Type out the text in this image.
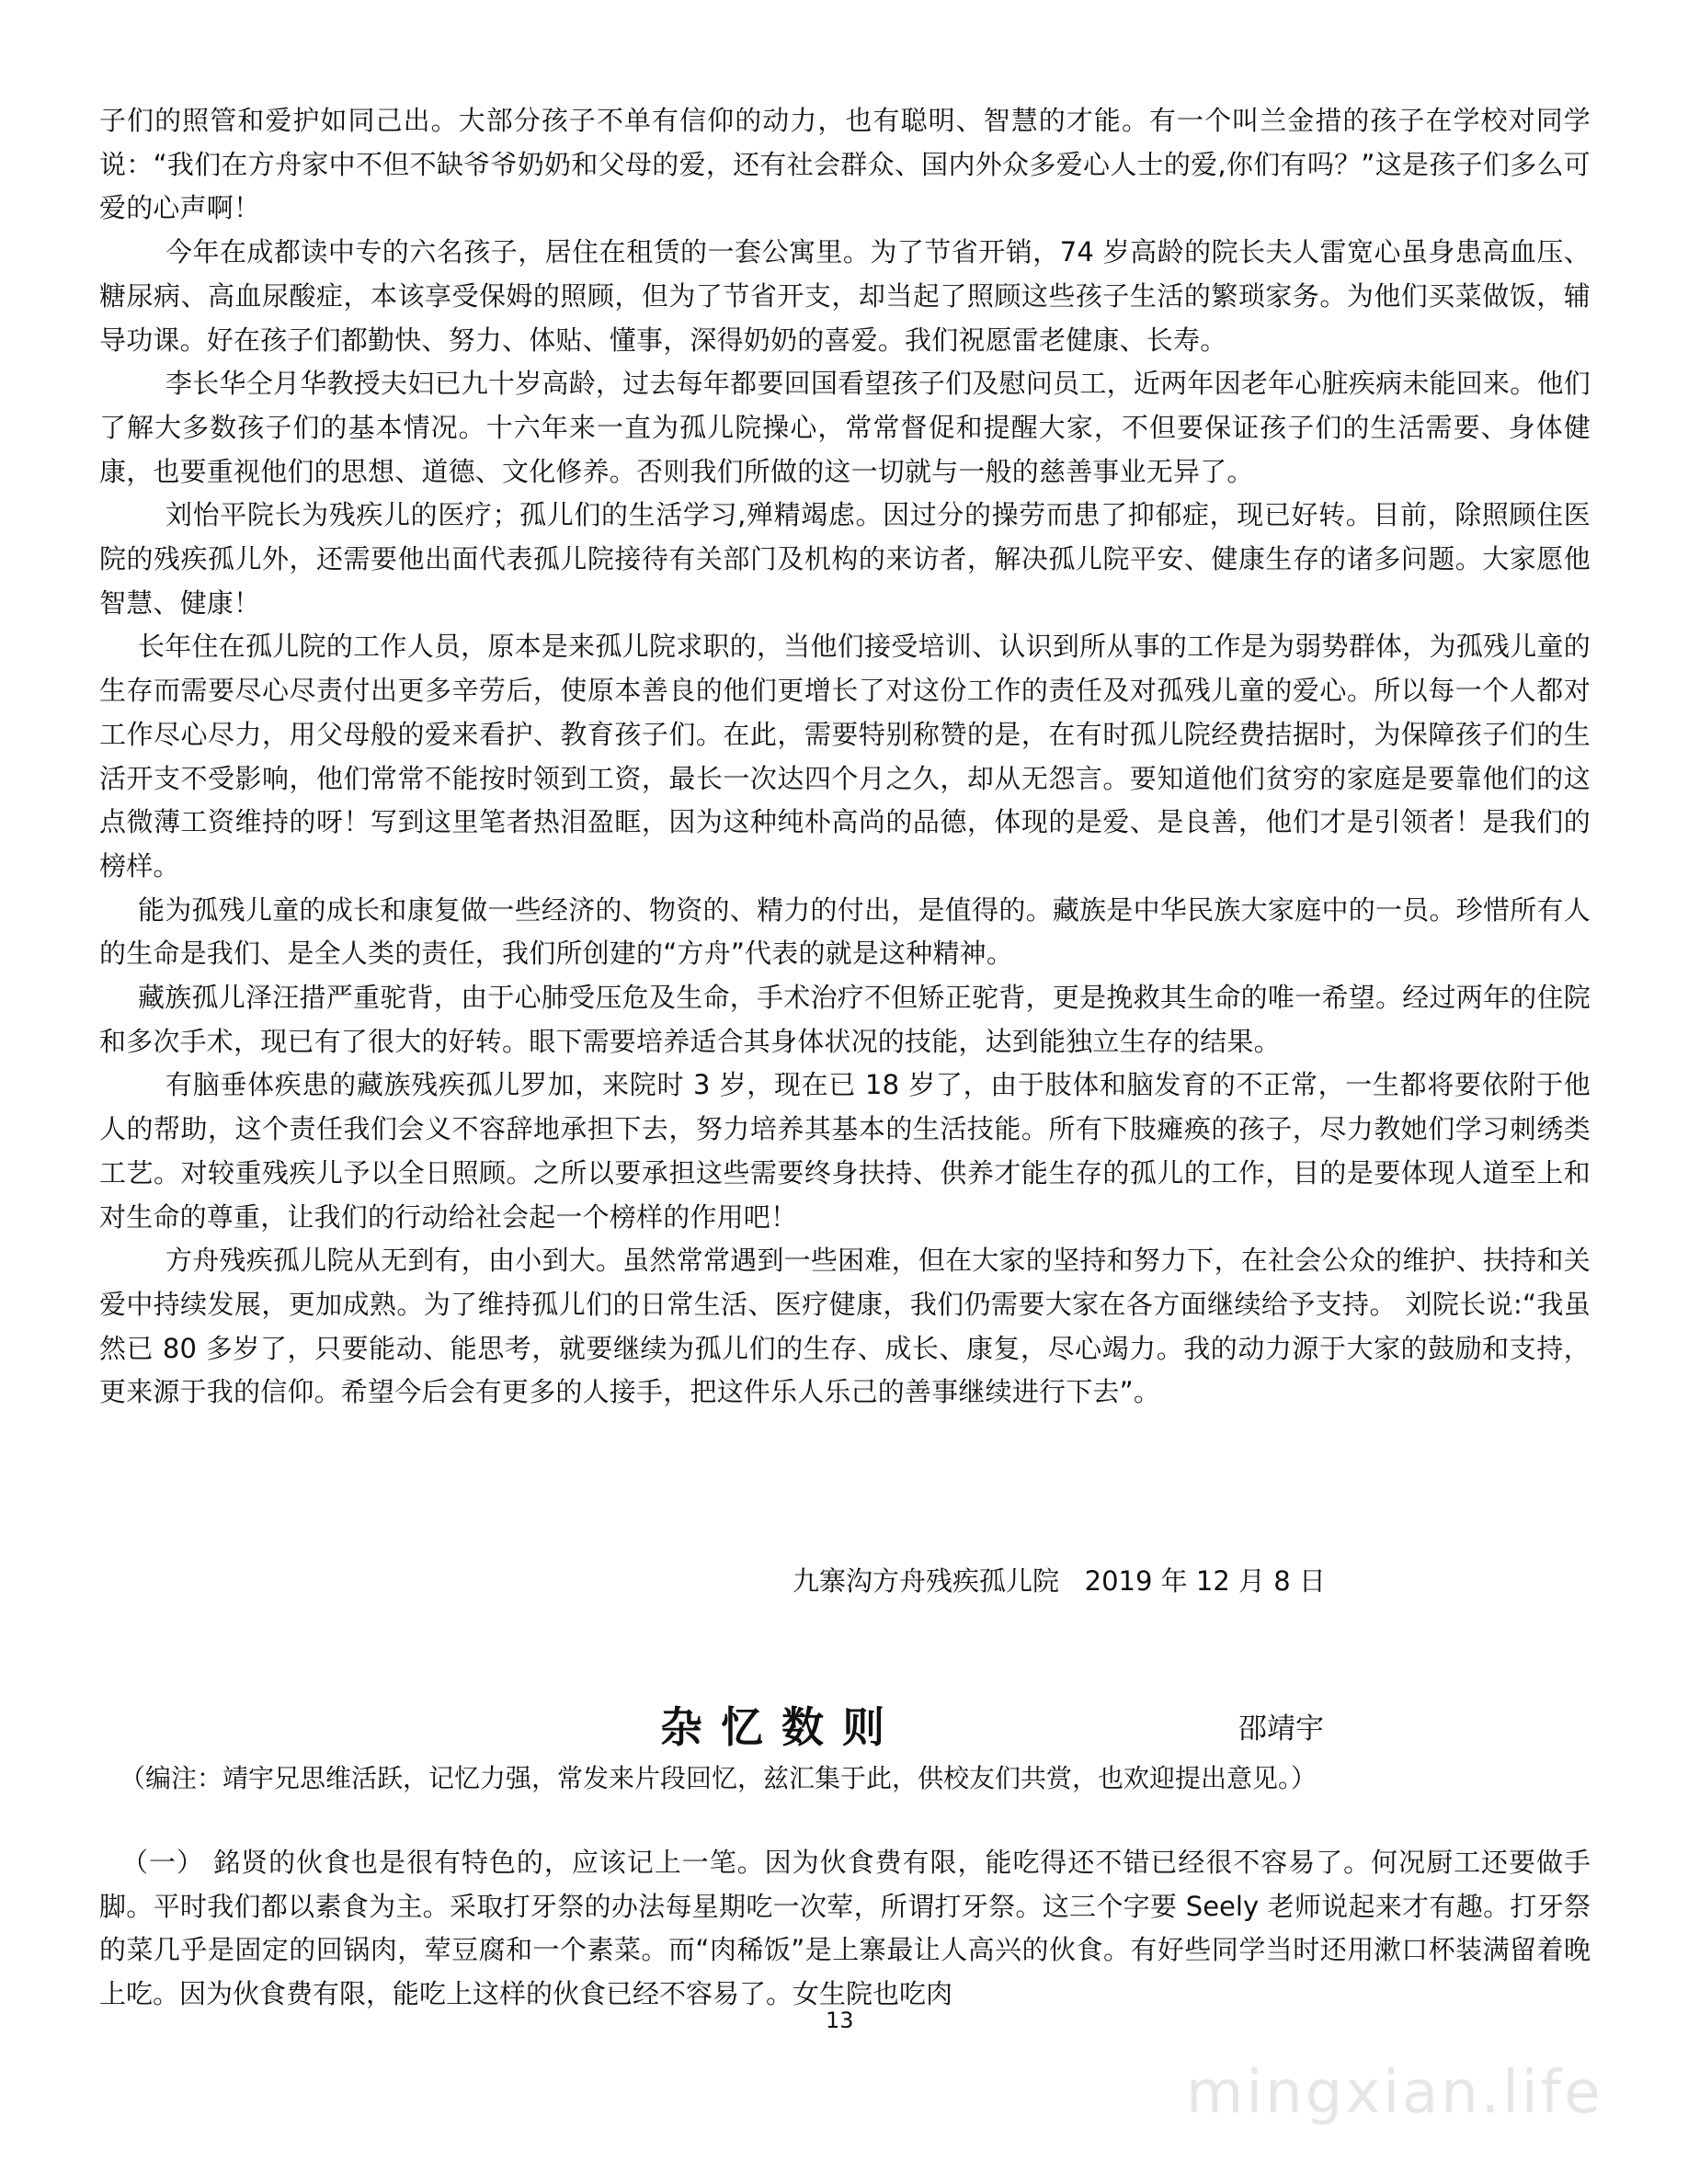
子们的照管和爱护如同己出。大部分孩子不单有信仰的动力，也有聪明、智慧的才能。有一个叫兰金措的孩子在学校对同学说：“我们在方舟家中不但不缺爷爷奶奶和父母的爱，还有社会群众、国内外众多爱心人士的爱,你们有吗？”这是孩子们多么可爱的心声啊！

今年在成都读中专的六名孩子，居住在租赁的一套公寓里。为了节省开销，74 岁高龄的院长夫人雷宽心虽身患高血压、糖尿病、高血尿酸症，本该享受保姆的照顾，但为了节省开支，却当起了照顾这些孩子生活的繁琐家务。为他们买菜做饭，辅导功课。好在孩子们都勤快、努力、体贴、懂事，深得奶奶的喜爱。我们祝愿雷老健康、长寿。

李长华仝月华教授夫妇已九十岁高龄，过去每年都要回国看望孩子们及慰问员工，近两年因老年心脏疾病未能回来。他们了解大多数孩子们的基本情况。十六年来一直为孤儿院操心，常常督促和提醒大家，不但要保证孩子们的生活需要、身体健康，也要重视他们的思想、道德、文化修养。否则我们所做的这一切就与一般的慈善事业无异了。

刘怡平院长为残疾儿的医疗；孤儿们的生活学习,殚精竭虑。因过分的操劳而患了抑郁症，现已好转。目前，除照顾住医院的残疾孤儿外，还需要他出面代表孤儿院接待有关部门及机构的来访者，解决孤儿院平安、健康生存的诸多问题。大家愿他智慧、健康！

长年住在孤儿院的工作人员，原本是来孤儿院求职的，当他们接受培训、认识到所从事的工作是为弱势群体，为孤残儿童的生存而需要尽心尽责付出更多辛劳后，使原本善良的他们更增长了对这份工作的责任及对孤残儿童的爱心。所以每一个人都对工作尽心尽力，用父母般的爱来看护、教育孩子们。在此，需要特别称赞的是，在有时孤儿院经费拮据时，为保障孩子们的生活开支不受影响，他们常常不能按时领到工资，最长一次达四个月之久，却从无怨言。要知道他们贫穷的家庭是要靠他们的这点微薄工资维持的呀！写到这里笔者热泪盈眶，因为这种纯朴高尚的品德，体现的是爱、是良善，他们才是引领者！是我们的榜样。

能为孤残儿童的成长和康复做一些经济的、物资的、精力的付出，是值得的。藏族是中华民族大家庭中的一员。珍惜所有人的生命是我们、是全人类的责任，我们所创建的“方舟”代表的就是这种精神。

藏族孤儿泽汪措严重驼背，由于心肺受压危及生命，手术治疗不但矫正驼背，更是挽救其生命的唯一希望。经过两年的住院和多次手术，现已有了很大的好转。眼下需要培养适合其身体状况的技能，达到能独立生存的结果。

有脑垂体疾患的藏族残疾孤儿罗加，来院时 3 岁，现在已 18 岁了，由于肢体和脑发育的不正常，一生都将要依附于他人的帮助，这个责任我们会义不容辞地承担下去，努力培养其基本的生活技能。所有下肢瘫痪的孩子，尽力教她们学习刺绣类工艺。对较重残疾儿予以全日照顾。之所以要承担这些需要终身扶持、供养才能生存的孤儿的工作，目的是要体现人道至上和对生命的尊重，让我们的行动给社会起一个榜样的作用吧！

方舟残疾孤儿院从无到有，由小到大。虽然常常遇到一些困难，但在大家的坚持和努力下，在社会公众的维护、扶持和关爱中持续发展，更加成熟。为了维持孤儿们的日常生活、医疗健康，我们仍需要大家在各方面继续给予支持。 刘院长说:“我虽然已 80 多岁了，只要能动、能思考，就要继续为孤儿们的生存、成长、康复，尽心竭力。我的动力源于大家的鼓励和支持，更来源于我的信仰。希望今后会有更多的人接手，把这件乐人乐己的善事继续进行下去”。

九寨沟方舟残疾孤儿院   2019 年 12 月 8 日
杂忆数则	邵靖宇
（编注：靖宇兄思维活跃，记忆力强，常发来片段回忆，兹汇集于此，供校友们共赏，也欢迎提出意见。）

（一） 銘贤的伙食也是很有特色的，应该记上一笔。因为伙食费有限，能吃得还不错已经很不容易了。何况厨工还要做手脚。平时我们都以素食为主。采取打牙祭的办法每星期吃一次荤，所谓打牙祭。这三个字要 Seely 老师说起来才有趣。打牙祭的菜几乎是固定的回锅肉，荤豆腐和一个素菜。而“肉稀饭”是上寨最让人高兴的伙食。有好些同学当时还用漱口杯装满留着晚上吃。因为伙食费有限，能吃上这样的伙食已经不容易了。女生院也吃肉

13
mingxian.life
